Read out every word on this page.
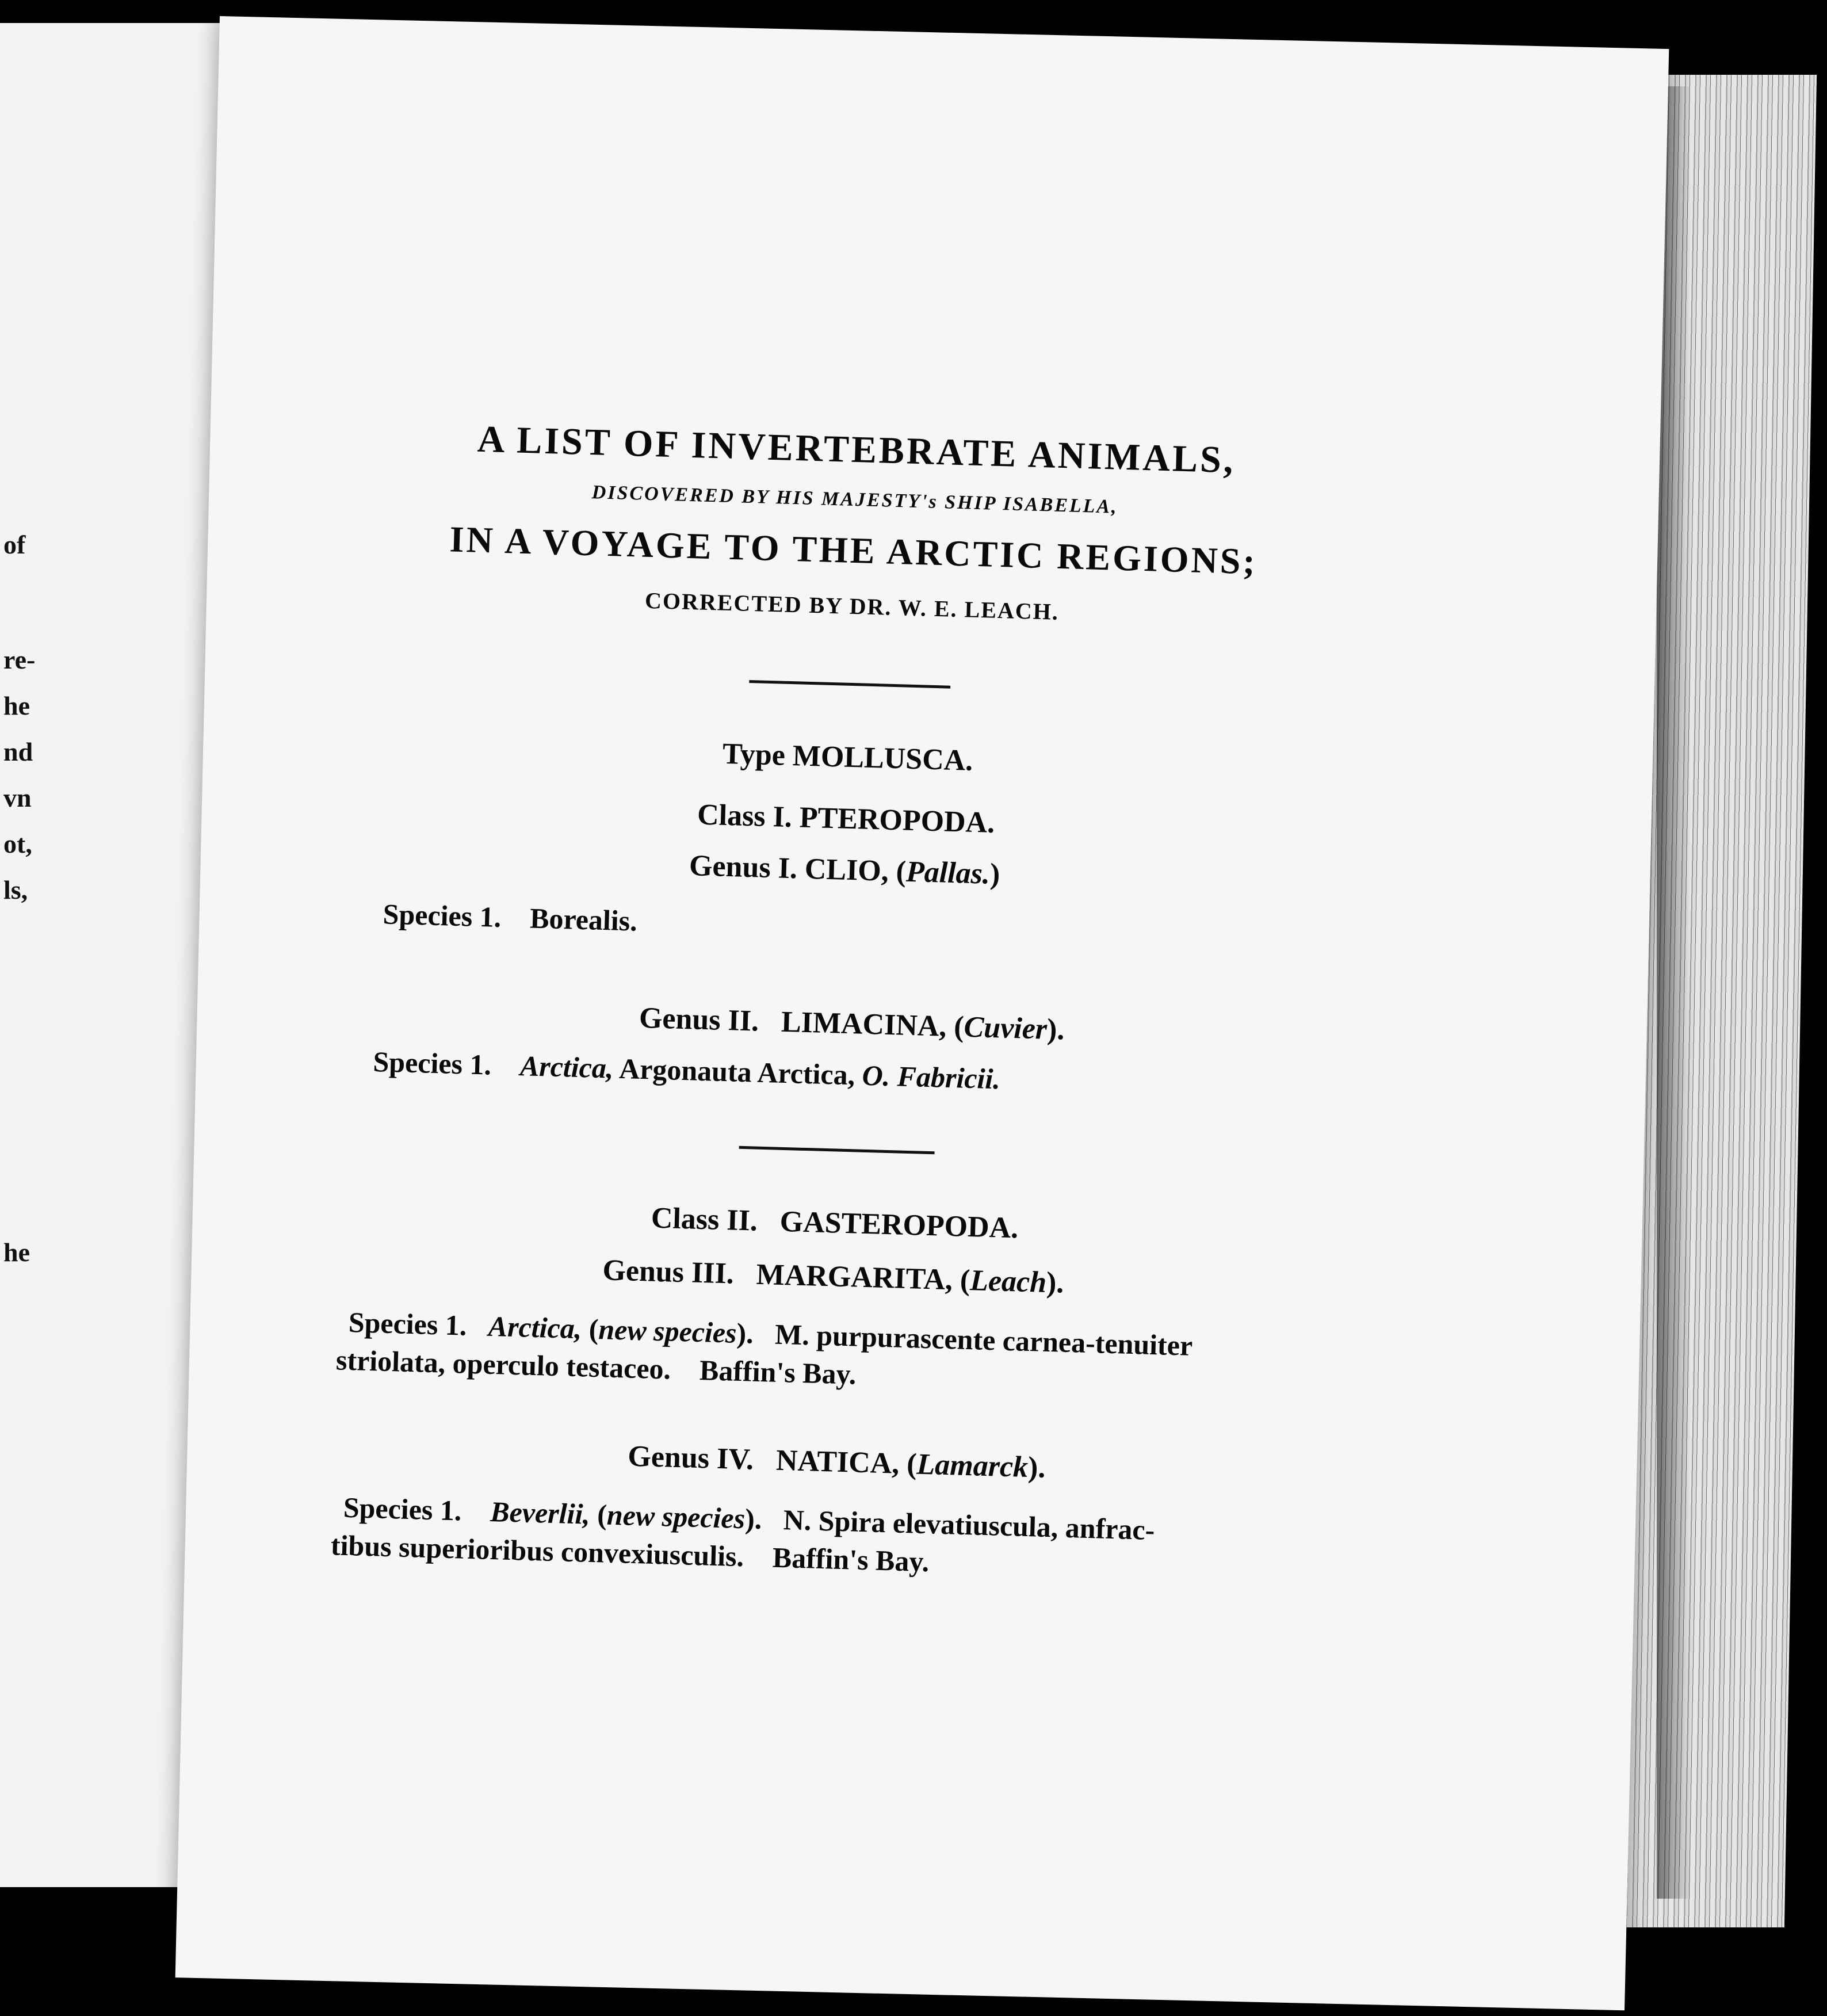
of
re-
he
nd
vn
ot,
ls,
he

A LIST OF INVERTEBRATE ANIMALS,

DISCOVERED BY HIS MAJESTY's SHIP ISABELLA,

IN A VOYAGE TO THE ARCTIC REGIONS;

CORRECTED BY DR. W. E. LEACH.

Type MOLLUSCA.

Class I. PTEROPODA.

Genus I. CLIO, (Pallas.)

Species 1. Borealis.

Genus II. LIMACINA, (Cuvier).

Species 1. Arctica, Argonauta Arctica, O. Fabricii.

Class II. GASTEROPODA.

Genus III. MARGARITA, (Leach).

Species 1. Arctica, (new species). M. purpurascente carnea-tenuiter

striolata, operculo testaceo. Baffin's Bay.

Genus IV. NATICA, (Lamarck).

Species 1. Beverlii, (new species). N. Spira elevatiuscula, anfrac-

tibus superioribus convexiusculis. Baffin's Bay.
